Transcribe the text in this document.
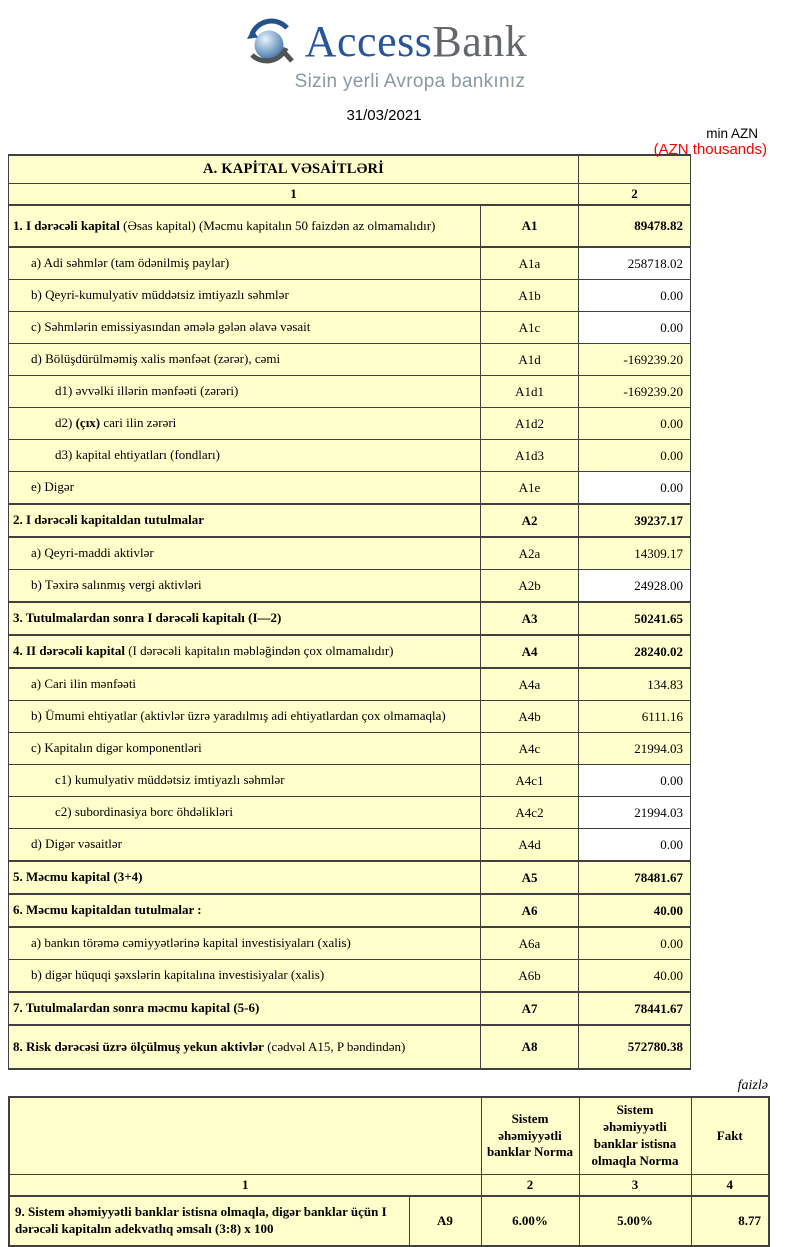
AccessBank
Sizin yerli Avropa bankınız
31/03/2021
min AZN
(AZN thousands)
A. KAPİTAL VƏSAİTLƏRİ		
1		2
1. I dərəcəli kapital (Əsas kapital) (Məcmu kapitalın 50 faizdən az olmamalıdır)	A1	89478.82
a) Adi səhmlər (tam ödənilmiş paylar)	A1a	258718.02
b) Qeyri-kumulyativ müddətsiz imtiyazlı səhmlər	A1b	0.00
c) Səhmlərin emissiyasından əmələ gələn əlavə vəsait	A1c	0.00
d) Bölüşdürülməmiş xalis mənfəət (zərər), cəmi	A1d	-169239.20
d1) əvvəlki illərin mənfəəti (zərəri)	A1d1	-169239.20
d2) (çıx) cari ilin zərəri	A1d2	0.00
d3) kapital ehtiyatları (fondları)	A1d3	0.00
e) Digər	A1e	0.00
2. I dərəcəli kapitaldan tutulmalar	A2	39237.17
a) Qeyri-maddi aktivlər	A2a	14309.17
b) Təxirə salınmış vergi aktivləri	A2b	24928.00
3. Tutulmalardan sonra I dərəcəli kapitalı (I—2)	A3	50241.65
4. II dərəcəli kapital (I dərəcəli kapitalın məbləğindən çox olmamalıdır)	A4	28240.02
a) Cari ilin mənfəəti	A4a	134.83
b) Ümumi ehtiyatlar (aktivlər üzrə yaradılmış adi ehtiyatlardan çox olmamaqla)	A4b	6111.16
c) Kapitalın digər komponentləri	A4c	21994.03
c1) kumulyativ müddətsiz imtiyazlı səhmlər	A4c1	0.00
c2) subordinasiya borc öhdəlikləri	A4c2	21994.03
d) Digər vəsaitlər	A4d	0.00
5. Məcmu kapital (3+4)	A5	78481.67
6. Məcmu kapitaldan tutulmalar :	A6	40.00
a) bankın törəmə cəmiyyətlərinə kapital investisiyaları (xalis)	A6a	0.00
b) digər hüquqi şəxslərin kapitalına investisiyalar (xalis)	A6b	40.00
7. Tutulmalardan sonra məcmu kapital (5-6)	A7	78441.67
8. Risk dərəcəsi üzrə ölçülmuş yekun aktivlər (cədvəl A15, P bəndindən)	A8	572780.38
faizlə
		Sistem əhəmiyyətli banklar Norma	Sistem əhəmiyyətli banklar istisna olmaqla Norma	Fakt
1		2	3	4
9. Sistem əhəmiyyətli banklar istisna olmaqla, digər banklar üçün I dərəcəli kapitalın adekvatlıq əmsalı (3:8) x 100	A9	6.00%	5.00%	8.77
